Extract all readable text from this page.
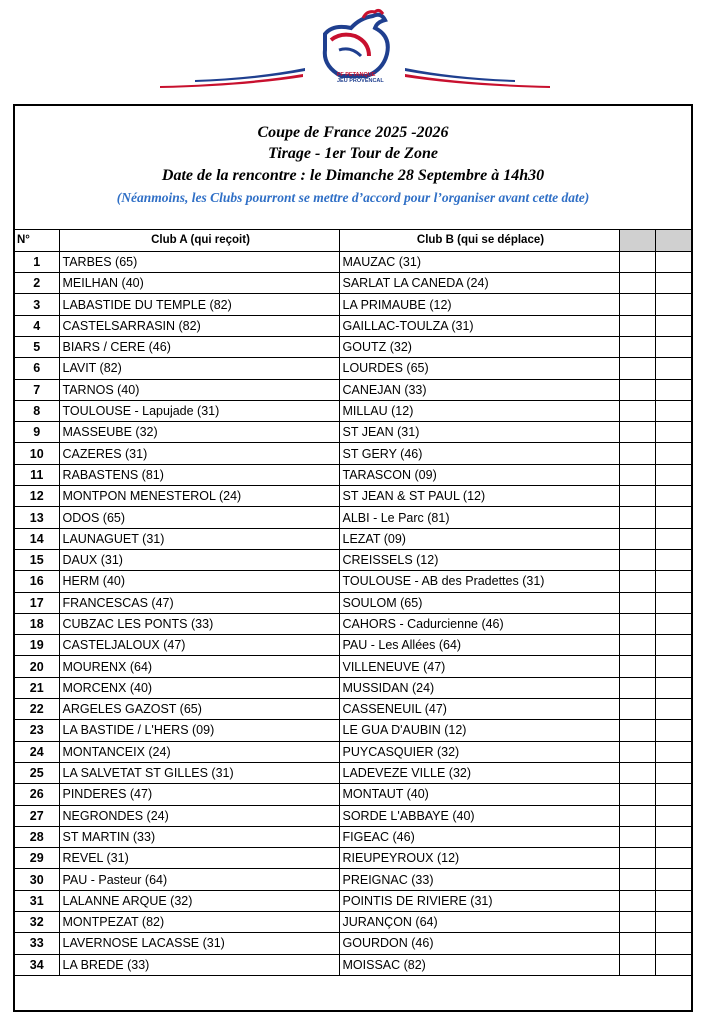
FF PETANQUE
JEU PROVENCAL
Coupe de France 2025 -2026
Tirage - 1er Tour de Zone
Date de la rencontre : le Dimanche 28 Septembre à 14h30
(Néanmoins, les Clubs pourront se mettre d’accord pour l’organiser avant cette date)
N°	Club A (qui reçoit)	Club B (qui se déplace)		
1	TARBES (65)	MAUZAC (31)		
2	MEILHAN (40)	SARLAT LA CANEDA (24)		
3	LABASTIDE DU TEMPLE (82)	LA PRIMAUBE (12)		
4	CASTELSARRASIN (82)	GAILLAC-TOULZA (31)		
5	BIARS / CERE (46)	GOUTZ (32)		
6	LAVIT (82)	LOURDES (65)		
7	TARNOS (40)	CANEJAN (33)		
8	TOULOUSE - Lapujade (31)	MILLAU (12)		
9	MASSEUBE (32)	ST JEAN (31)		
10	CAZERES (31)	ST GERY (46)		
11	RABASTENS (81)	TARASCON (09)		
12	MONTPON MENESTEROL (24)	ST JEAN & ST PAUL (12)		
13	ODOS (65)	ALBI - Le Parc (81)		
14	LAUNAGUET (31)	LEZAT (09)		
15	DAUX (31)	CREISSELS (12)		
16	HERM (40)	TOULOUSE - AB des Pradettes (31)		
17	FRANCESCAS (47)	SOULOM (65)		
18	CUBZAC LES PONTS (33)	CAHORS - Cadurcienne (46)		
19	CASTELJALOUX (47)	PAU - Les Allées (64)		
20	MOURENX (64)	VILLENEUVE (47)		
21	MORCENX (40)	MUSSIDAN (24)		
22	ARGELES GAZOST (65)	CASSENEUIL (47)		
23	LA BASTIDE / L'HERS (09)	LE GUA D'AUBIN (12)		
24	MONTANCEIX (24)	PUYCASQUIER (32)		
25	LA SALVETAT ST GILLES (31)	LADEVEZE VILLE (32)		
26	PINDERES (47)	MONTAUT (40)		
27	NEGRONDES (24)	SORDE L'ABBAYE (40)		
28	ST MARTIN (33)	FIGEAC (46)		
29	REVEL (31)	RIEUPEYROUX (12)		
30	PAU - Pasteur (64)	PREIGNAC (33)		
31	LALANNE ARQUE (32)	POINTIS DE RIVIERE (31)		
32	MONTPEZAT (82)	JURANÇON (64)		
33	LAVERNOSE LACASSE (31)	GOURDON (46)		
34	LA BREDE (33)	MOISSAC (82)		
